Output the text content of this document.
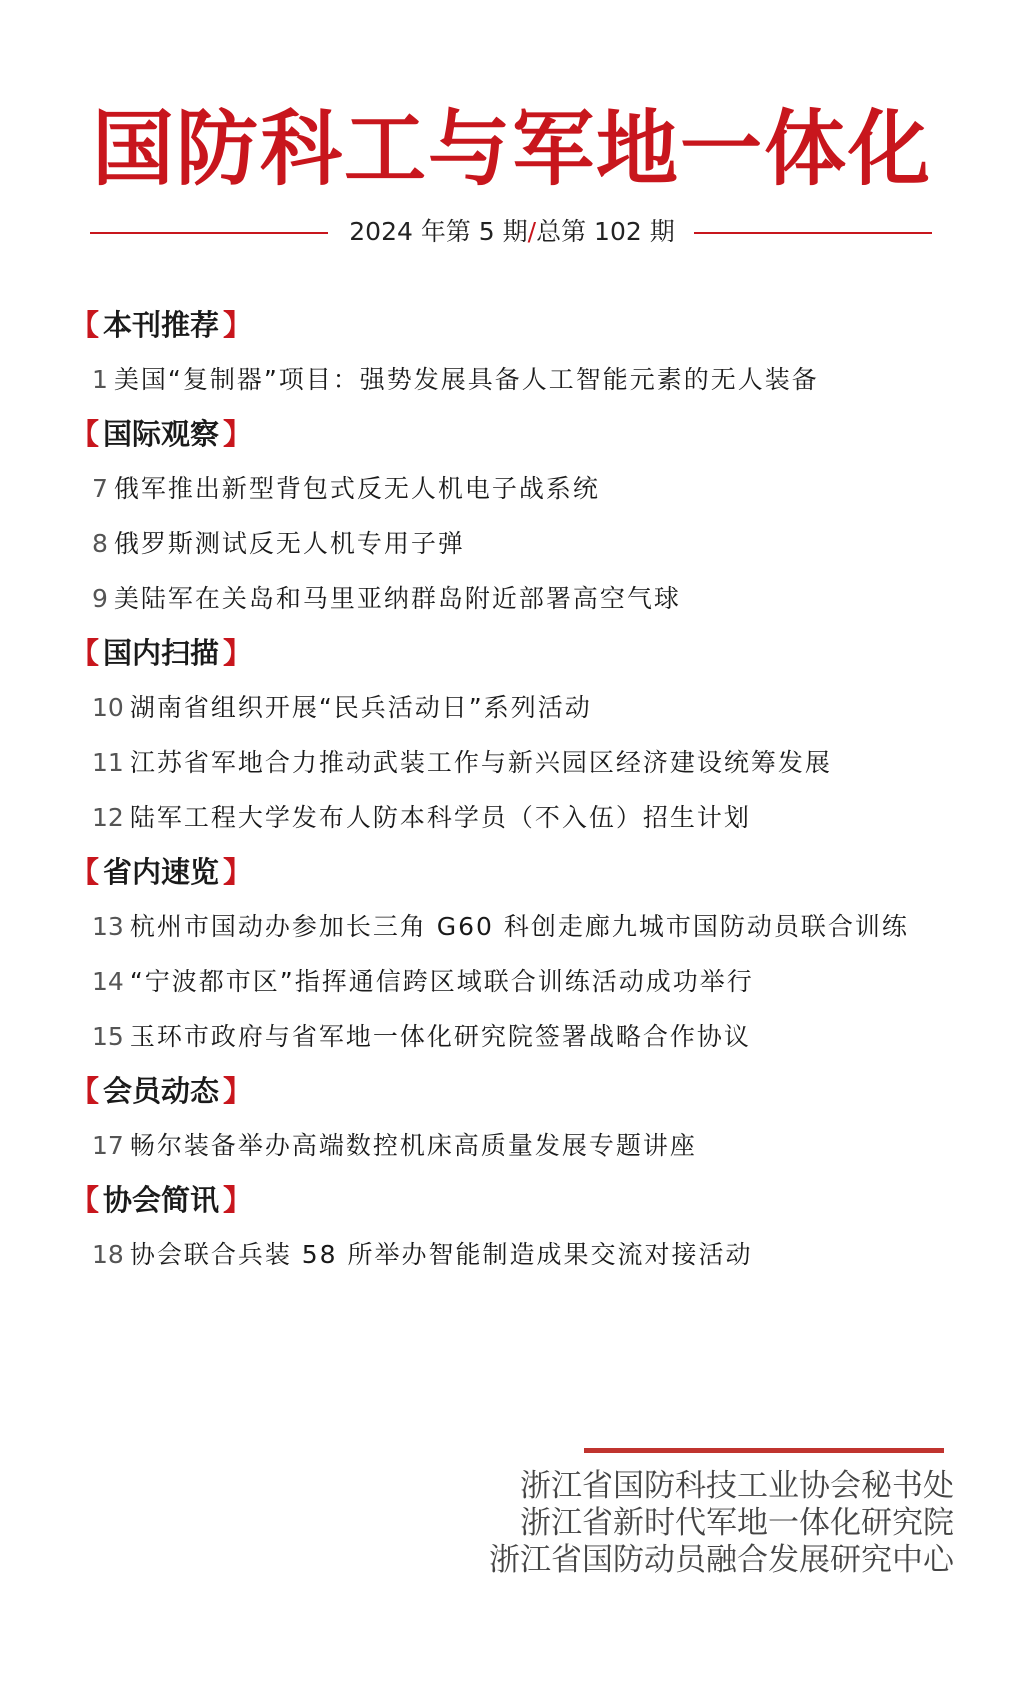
国防科工与军地一体化
2024 年第 5 期/总第 102 期
【 本刊推荐 】
1 美国“复制器”项目：强势发展具备人工智能元素的无人装备
【 国际观察 】
7 俄军推出新型背包式反无人机电子战系统
8 俄罗斯测试反无人机专用子弹
9 美陆军在关岛和马里亚纳群岛附近部署高空气球
【 国内扫描 】
10 湖南省组织开展“民兵活动日”系列活动
11 江苏省军地合力推动武装工作与新兴园区经济建设统筹发展
12 陆军工程大学发布人防本科学员（不入伍）招生计划
【 省内速览 】
13 杭州市国动办参加长三角 G60 科创走廊九城市国防动员联合训练
14 “宁波都市区”指挥通信跨区域联合训练活动成功举行
15 玉环市政府与省军地一体化研究院签署战略合作协议
【 会员动态 】
17 畅尔装备举办高端数控机床高质量发展专题讲座
【 协会简讯 】
18 协会联合兵装 58 所举办智能制造成果交流对接活动
浙江省国防科技工业协会秘书处
浙江省新时代军地一体化研究院
浙江省国防动员融合发展研究中心
